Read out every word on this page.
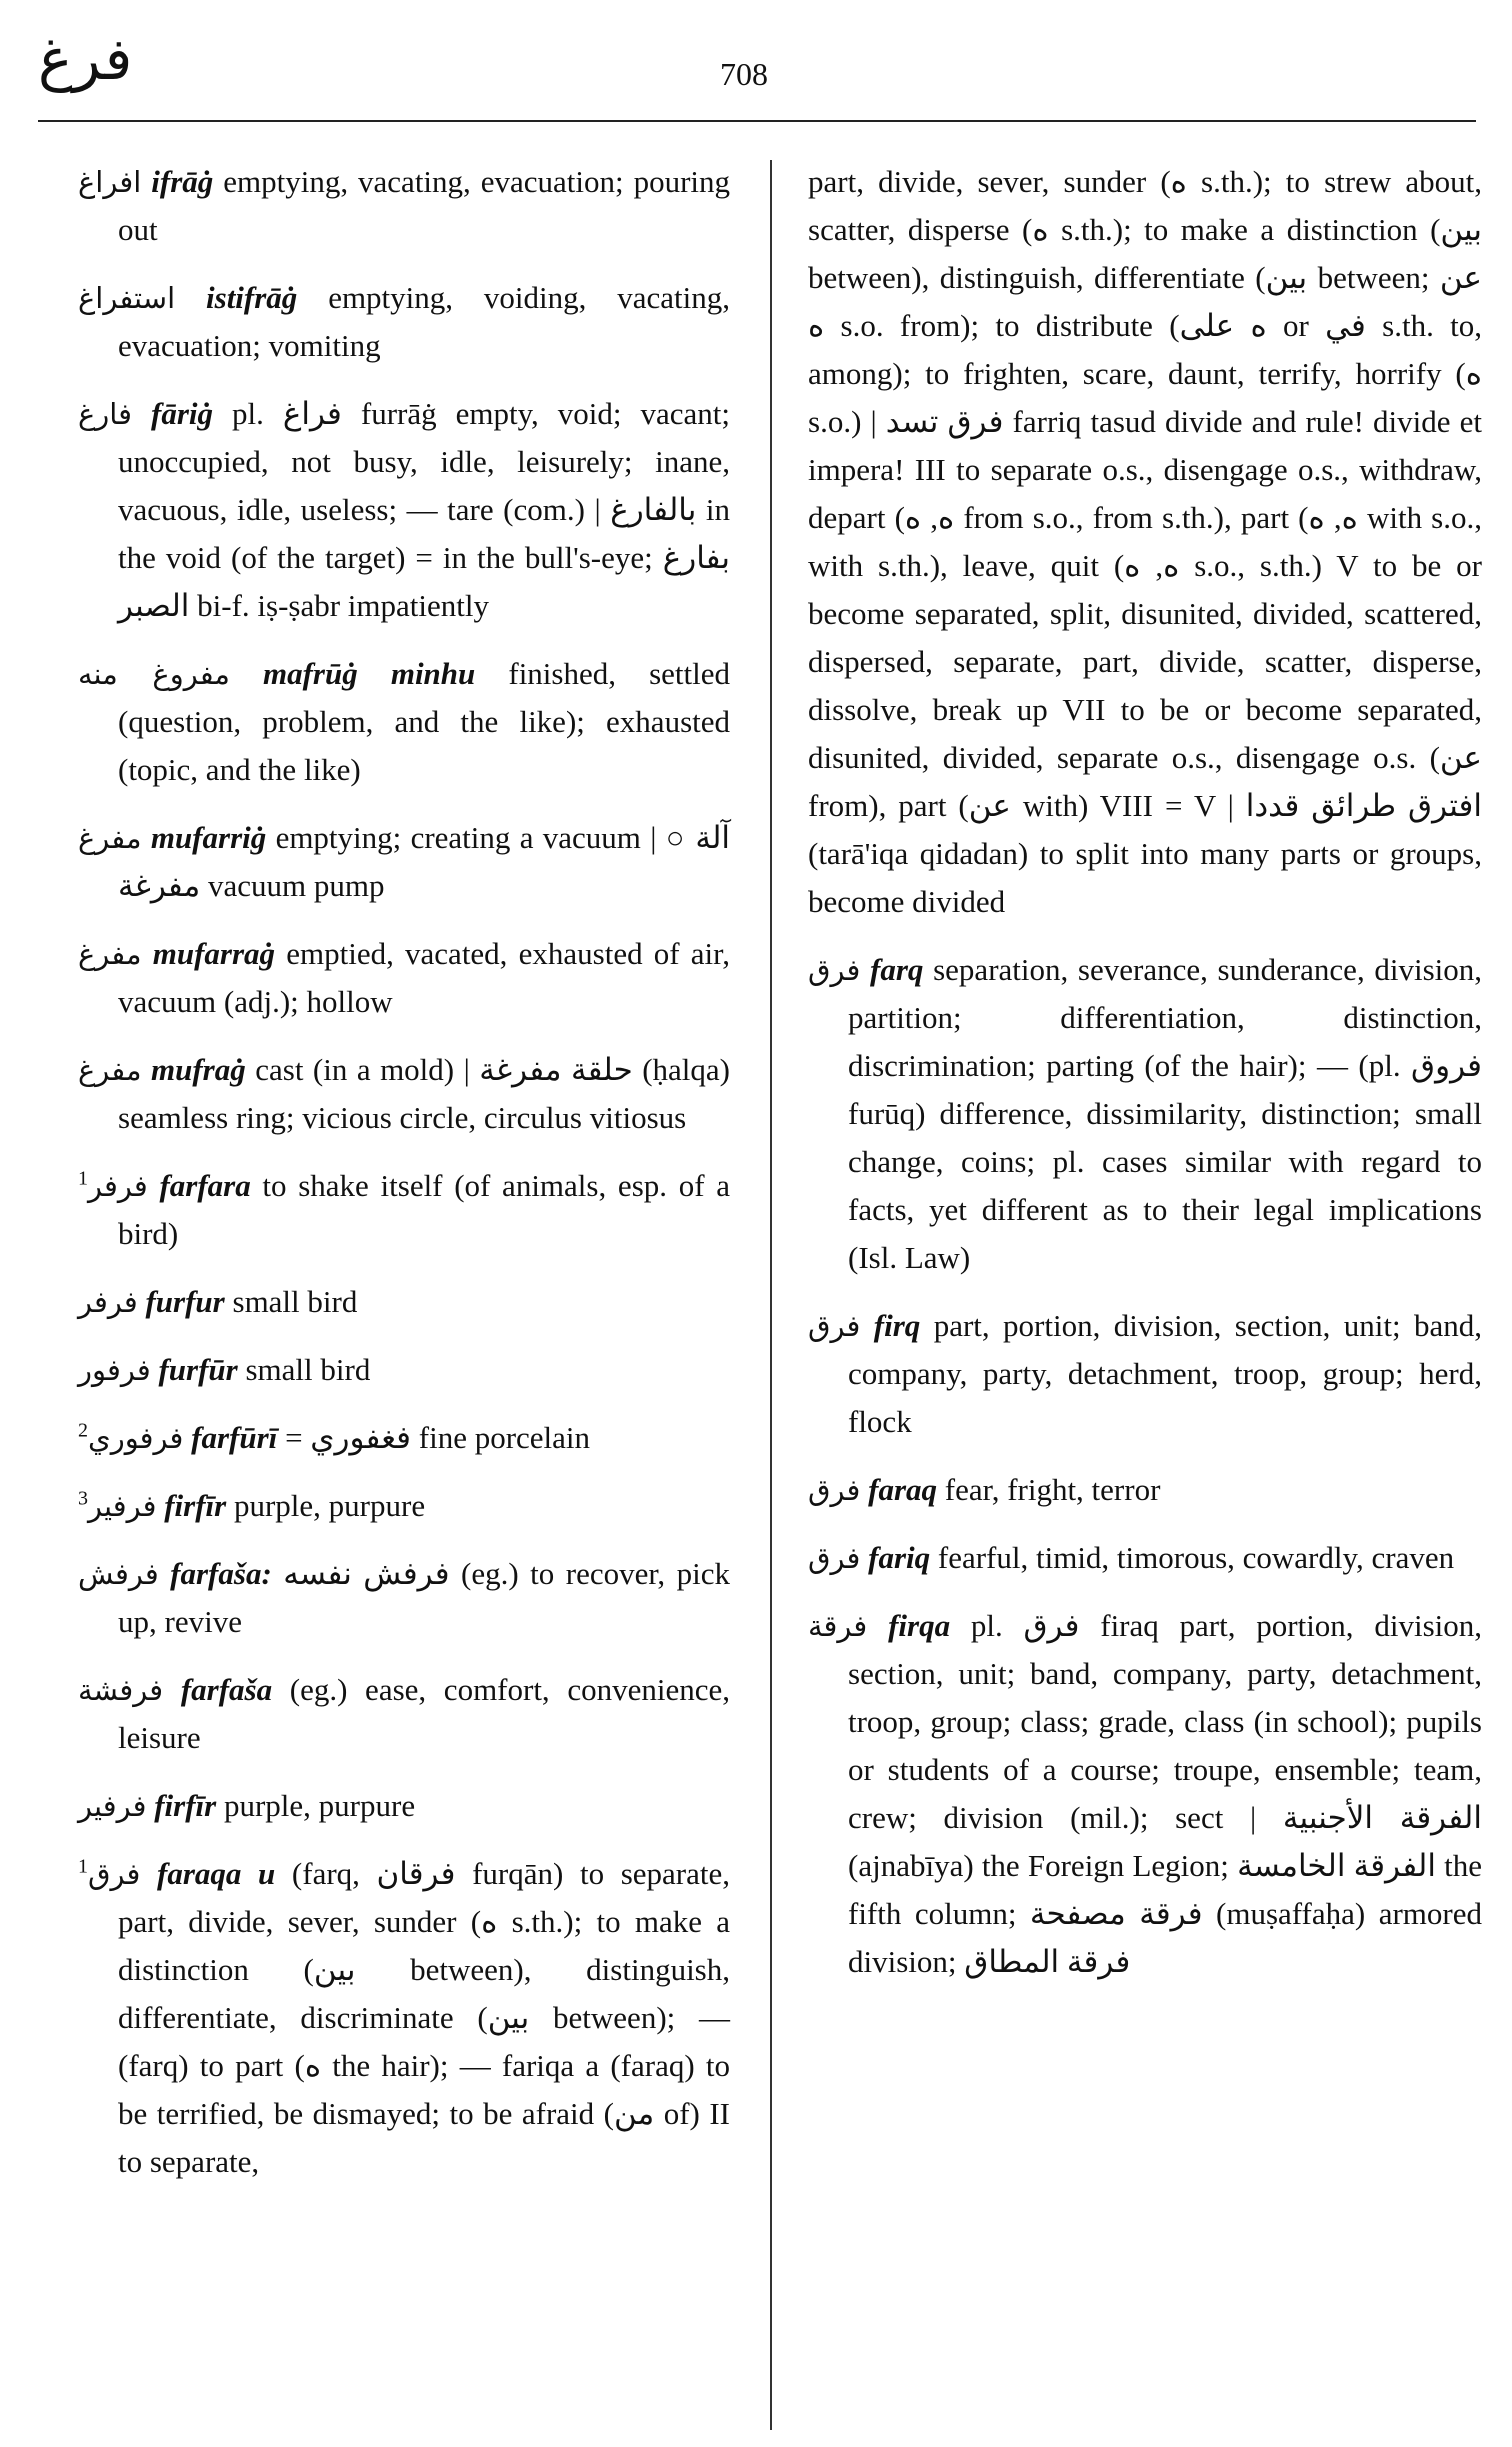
فرغ	708
افراغ ifrāġ emptying, vacating, evacuation; pouring out
استفراغ istifrāġ emptying, voiding, vacating, evacuation; vomiting
فارغ fāriġ pl. فراغ furrāġ empty, void; vacant; unoccupied, not busy, idle, leisurely; inane, vacuous, idle, useless; — tare (com.) | بالفارغ in the void (of the target) = in the bull's-eye; بفارغ الصبر bi-f. iṣ-ṣabr impatiently
مفروغ منه mafrūġ minhu finished, settled (question, problem, and the like); exhausted (topic, and the like)
مفرغ mufarriġ emptying; creating a vacuum | ○ آلة مفرغة vacuum pump
مفرغ mufarraġ emptied, vacated, exhausted of air, vacuum (adj.); hollow
مفرغ mufraġ cast (in a mold) | حلقة مفرغة (ḥalqa) seamless ring; vicious circle, circulus vitiosus
$^1$فرفر farfara to shake itself (of animals, esp. of a bird)
فرفر furfur small bird
فرفور furfūr small bird
$^2$فرفوري farfūrī = فغفوري fine porcelain
$^3$فرفير firfīr purple, purpure
فرفش farfaša: فرفش نفسه (eg.) to recover, pick up, revive
فرفشة farfaša (eg.) ease, comfort, convenience, leisure
فرفير firfīr purple, purpure
$^1$فرق faraqa u (farq, فرقان furqān) to separate, part, divide, sever, sunder (ه s.th.); to make a distinction (بين between), distinguish, differentiate, discriminate (بين between); — (farq) to part (ه the hair); — fariqa a (faraq) to be terrified, be dismayed; to be afraid (من of) II to separate,
part, divide, sever, sunder (ه s.th.); to strew about, scatter, disperse (ه s.th.); to make a distinction (بين between), distinguish, differentiate (بين between; عن ه s.o. from); to distribute (ه على or في s.th. to, among); to frighten, scare, daunt, terrify, horrify (ه s.o.) | فرق تسد farriq tasud divide and rule! divide et impera! III to separate o.s., disengage o.s., withdraw, depart (ه, ه from s.o., from s.th.), part (ه, ه with s.o., with s.th.), leave, quit (ه, ه s.o., s.th.) V to be or become separated, split, disunited, divided, scattered, dispersed, separate, part, divide, scatter, disperse, dissolve, break up VII to be or become separated, disunited, divided, separate o.s., disengage o.s. (عن from), part (عن with) VIII = V | افترق طرائق قددا (tarā'iqa qidadan) to split into many parts or groups, become divided
فرق farq separation, severance, sunderance, division, partition; differentiation, distinction, discrimination; parting (of the hair); — (pl. فروق furūq) difference, dissimilarity, distinction; small change, coins; pl. cases similar with regard to facts, yet different as to their legal implications (Isl. Law)
فرق firq part, portion, division, section, unit; band, company, party, detachment, troop, group; herd, flock
فرق faraq fear, fright, terror
فرق fariq fearful, timid, timorous, cowardly, craven
فرقة firqa pl. فرق firaq part, portion, division, section, unit; band, company, party, detachment, troop, group; class; grade, class (in school); pupils or students of a course; troupe, ensemble; team, crew; division (mil.); sect | الفرقة الأجنبية (ajnabīya) the Foreign Legion; الفرقة الخامسة the fifth column; فرقة مصفحة (muṣaffaḥa) armored division; فرقة المطاق
